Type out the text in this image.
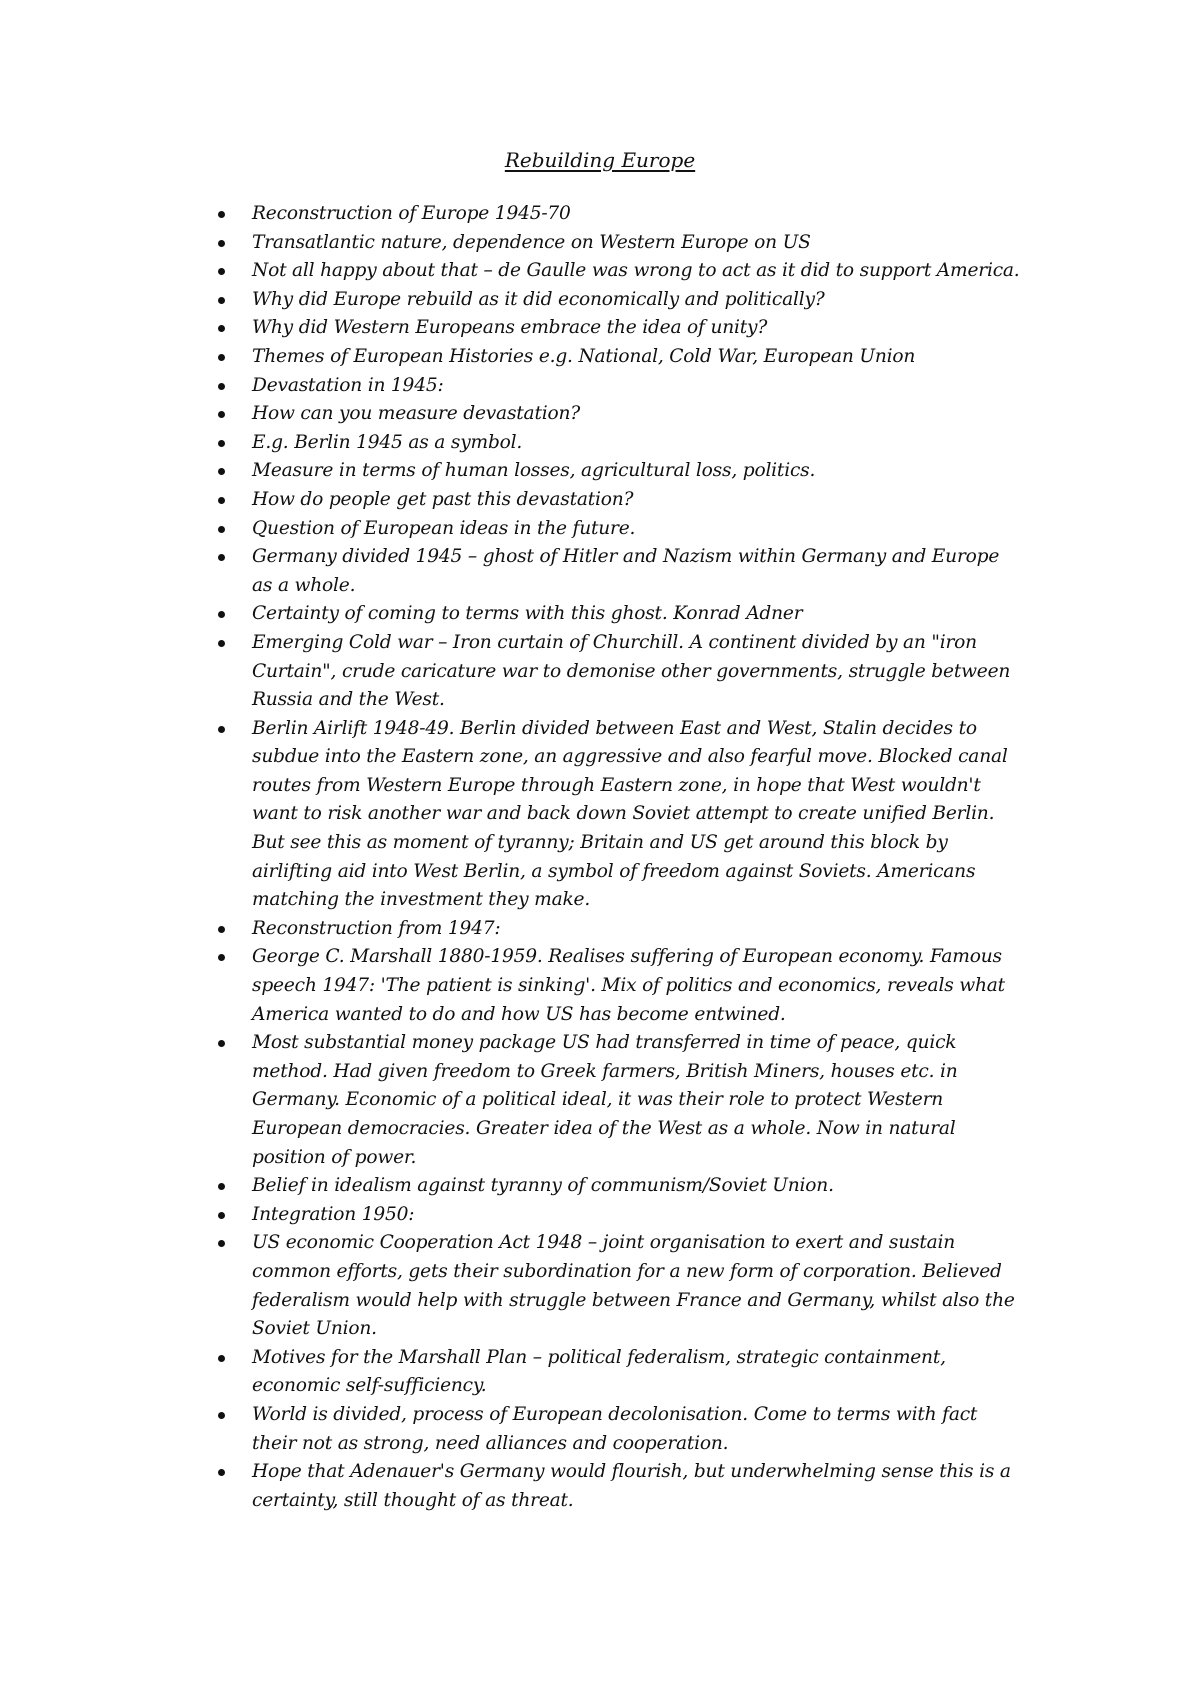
Rebuilding Europe
Reconstruction of Europe 1945-70
Transatlantic nature, dependence on Western Europe on US
Not all happy about that – de Gaulle was wrong to act as it did to support America.
Why did Europe rebuild as it did economically and politically?
Why did Western Europeans embrace the idea of unity?
Themes of European Histories e.g. National, Cold War, European Union
Devastation in 1945:
How can you measure devastation?
E.g. Berlin 1945 as a symbol.
Measure in terms of human losses, agricultural loss, politics.
How do people get past this devastation?
Question of European ideas in the future.
Germany divided 1945 – ghost of Hitler and Nazism within Germany and Europe as a whole.
Certainty of coming to terms with this ghost. Konrad Adner
Emerging Cold war – Iron curtain of Churchill. A continent divided by an "iron Curtain", crude caricature war to demonise other governments, struggle between Russia and the West.
Berlin Airlift 1948-49. Berlin divided between East and West, Stalin decides to subdue into the Eastern zone, an aggressive and also fearful move. Blocked canal routes from Western Europe through Eastern zone, in hope that West wouldn't want to risk another war and back down Soviet attempt to create unified Berlin. But see this as moment of tyranny; Britain and US get around this block by airlifting aid into West Berlin, a symbol of freedom against Soviets. Americans matching the investment they make.
Reconstruction from 1947:
George C. Marshall 1880-1959. Realises suffering of European economy. Famous speech 1947: 'The patient is sinking'. Mix of politics and economics, reveals what America wanted to do and how US has become entwined.
Most substantial money package US had transferred in time of peace, quick method. Had given freedom to Greek farmers, British Miners, houses etc. in Germany. Economic of a political ideal, it was their role to protect Western European democracies. Greater idea of the West as a whole. Now in natural position of power.
Belief in idealism against tyranny of communism/Soviet Union.
Integration 1950:
US economic Cooperation Act 1948 – joint organisation to exert and sustain common efforts, gets their subordination for a new form of corporation. Believed federalism would help with struggle between France and Germany, whilst also the Soviet Union.
Motives for the Marshall Plan – political federalism, strategic containment, economic self-sufficiency.
World is divided, process of European decolonisation. Come to terms with fact their not as strong, need alliances and cooperation.
Hope that Adenauer's Germany would flourish, but underwhelming sense this is a certainty, still thought of as threat.
